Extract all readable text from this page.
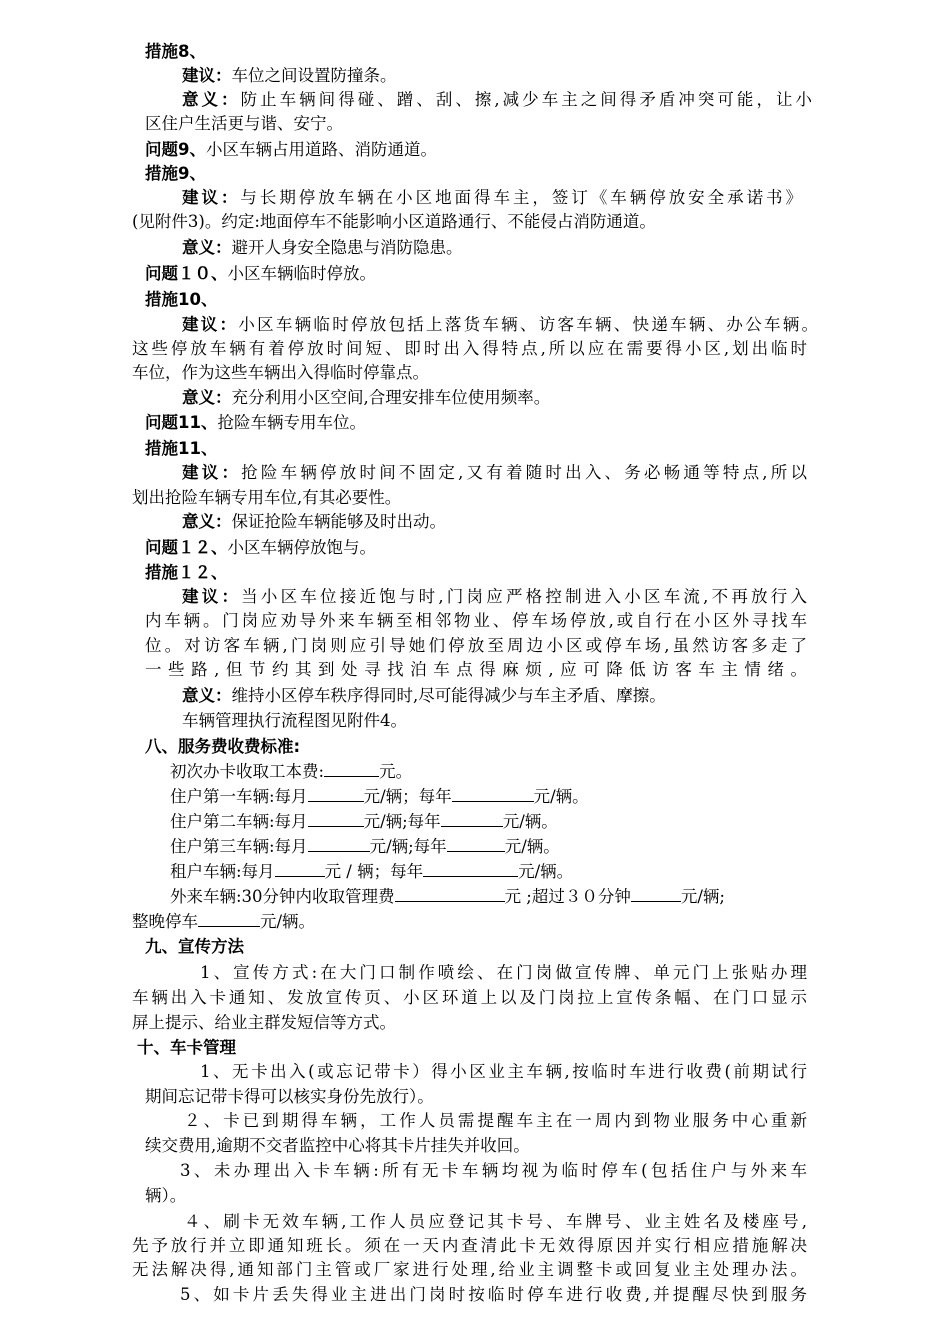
措施8、
建议：车位之间设置防撞条。
意义：防止车辆间得碰、蹭、刮、擦,减少车主之间得矛盾冲突可能，让小
区住户生活更与谐、安宁。
问题9、小区车辆占用道路、消防通道。
措施9、
建议：与长期停放车辆在小区地面得车主，签订《车辆停放安全承诺书》
(见附件3)。约定:地面停车不能影响小区道路通行、不能侵占消防通道。
意义：避开人身安全隐患与消防隐患。
问题１０、小区车辆临时停放。
措施10、
建议：小区车辆临时停放包括上落货车辆、访客车辆、快递车辆、办公车辆。
这些停放车辆有着停放时间短、即时出入得特点,所以应在需要得小区,划出临时
车位，作为这些车辆出入得临时停靠点。
意义：充分利用小区空间,合理安排车位使用频率。
问题11、抢险车辆专用车位。
措施11、
建议：抢险车辆停放时间不固定,又有着随时出入、务必畅通等特点,所以
划出抢险车辆专用车位,有其必要性。
意义：保证抢险车辆能够及时出动。
问题１２、小区车辆停放饱与。
措施１２、
建议：当小区车位接近饱与时,门岗应严格控制进入小区车流,不再放行入
内车辆。门岗应劝导外来车辆至相邻物业、停车场停放,或自行在小区外寻找车
位。对访客车辆,门岗则应引导她们停放至周边小区或停车场,虽然访客多走了
一些路,但节约其到处寻找泊车点得麻烦,应可降低访客车主情绪。
意义：维持小区停车秩序得同时,尽可能得减少与车主矛盾、摩擦。
车辆管理执行流程图见附件4。
八、服务费收费标准:
初次办卡收取工本费:	元。
住户第一车辆:每月	元/辆；每年	元/辆。
住户第二车辆:每月	元/辆;每年	元/辆。
住户第三车辆:每月	元/辆;每年	元/辆。
租户车辆:每月	元 / 辆；每年	元/辆。
外来车辆:30分钟内收取管理费	元 ;超过３０分钟	元/辆;
整晚停车	元/辆。
九、宣传方法
1、宣传方式:在大门口制作喷绘、在门岗做宣传牌、单元门上张贴办理
车辆出入卡通知、发放宣传页、小区环道上以及门岗拉上宣传条幅、在门口显示
屏上提示、给业主群发短信等方式。
十、车卡管理
1、无卡出入(或忘记带卡）得小区业主车辆,按临时车进行收费(前期试行
期间忘记带卡得可以核实身份先放行）。
２、卡已到期得车辆，工作人员需提醒车主在一周内到物业服务中心重新
续交费用,逾期不交者监控中心将其卡片挂失并收回。
3、未办理出入卡车辆:所有无卡车辆均视为临时停车(包括住户与外来车
辆）。
４、刷卡无效车辆,工作人员应登记其卡号、车牌号、业主姓名及楼座号,
先予放行并立即通知班长。须在一天内查清此卡无效得原因并实行相应措施解决
无法解决得,通知部门主管或厂家进行处理,给业主调整卡或回复业主处理办法。
5、如卡片丢失得业主进出门岗时按临时停车进行收费,并提醒尽快到服务
